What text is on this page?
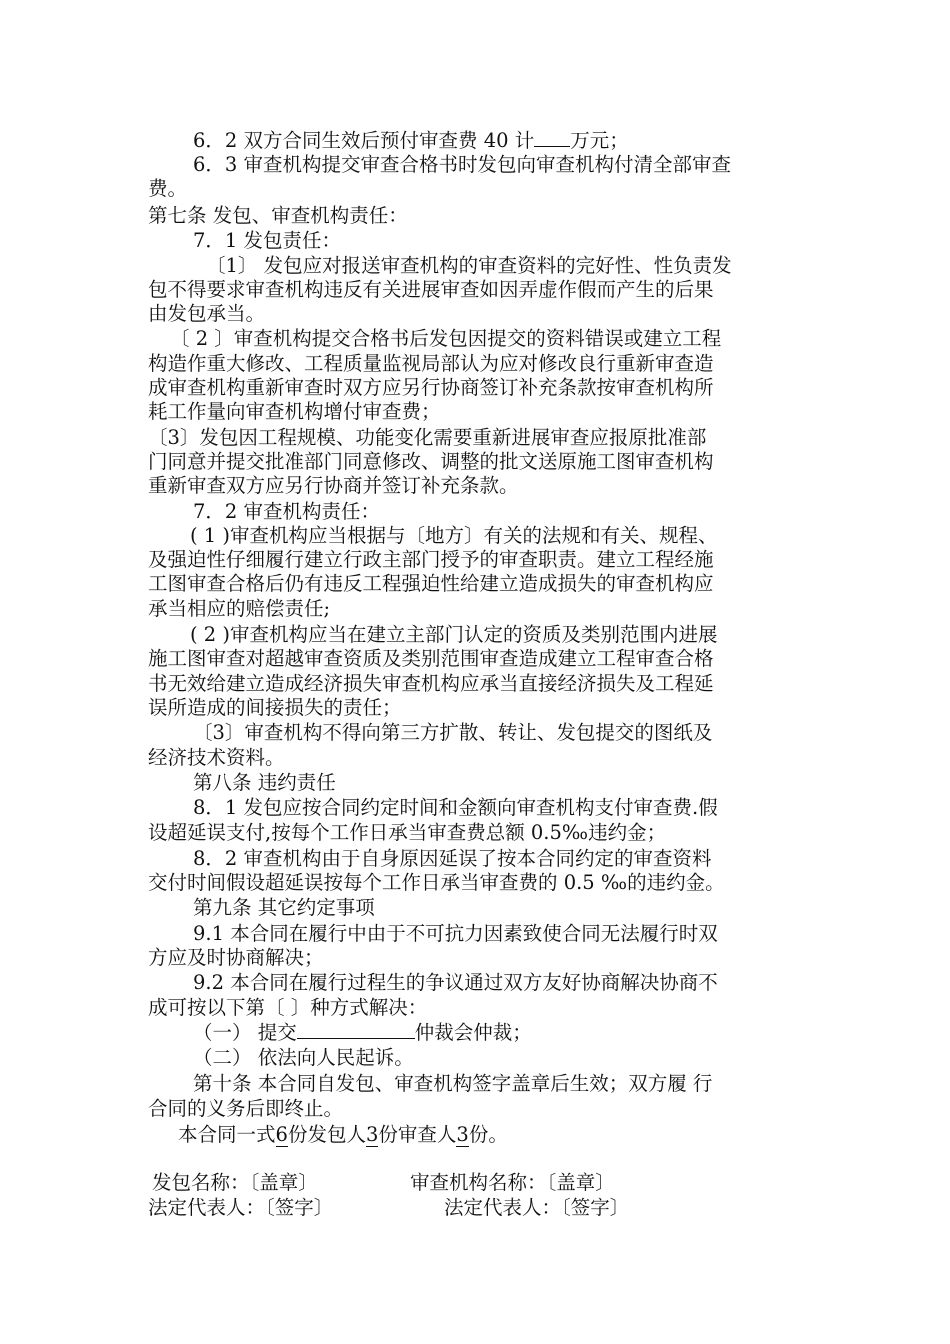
6．2 双方合同生效后预付审查费 40 计 万元；
6．3 审查机构提交审查合格书时发包向审查机构付清全部审查
费。
第七条 发包、审查机构责任：
7．1 发包责任：
〔1〕 发包应对报送审查机构的审查资料的完好性、性负责发
包不得要求审查机构违反有关进展审查如因弄虚作假而产生的后果
由发包承当。
〔 2 〕审查机构提交合格书后发包因提交的资料错误或建立工程
构造作重大修改、工程质量监视局部认为应对修改良行重新审查造
成审查机构重新审查时双方应另行协商签订补充条款按审查机构所
耗工作量向审查机构增付审查费；
〔3〕发包因工程规模、功能变化需要重新进展审查应报原批准部
门同意并提交批准部门同意修改、调整的批文送原施工图审查机构
重新审查双方应另行协商并签订补充条款。
7．2 审查机构责任：
( 1 )审查机构应当根据与〔地方〕有关的法规和有关、规程、
及强迫性仔细履行建立行政主部门授予的审查职责。建立工程经施
工图审查合格后仍有违反工程强迫性给建立造成损失的审查机构应
承当相应的赔偿责任;
( 2 )审查机构应当在建立主部门认定的资质及类别范围内进展
施工图审查对超越审查资质及类别范围审查造成建立工程审查合格
书无效给建立造成经济损失审查机构应承当直接经济损失及工程延
误所造成的间接损失的责任；
〔3〕审查机构不得向第三方扩散、转让、发包提交的图纸及
经济技术资料。
第八条 违约责任
8．1 发包应按合同约定时间和金额向审查机构支付审查费.假
设超延误支付,按每个工作日承当审查费总额 0.5‰违约金；
8．2 审查机构由于自身原因延误了按本合同约定的审查资料
交付时间假设超延误按每个工作日承当审查费的 0.5 ‰的违约金。
第九条 其它约定事项
9.1 本合同在履行中由于不可抗力因素致使合同无法履行时双
方应及时协商解决；
9.2 本合同在履行过程生的争议通过双方友好协商解决协商不
成可按以下第〔 〕种方式解决：
（一） 提交	仲裁会仲裁；
（二） 依法向人民起诉。
第十条 本合同自发包、审查机构签字盖章后生效；双方履 行
合同的义务后即终止。
本合同一式6份发包人3份审查人3份。
发包名称：〔盖章〕	审查机构名称：〔盖章〕
法定代表人：〔签字〕	法定代表人：〔签字〕
